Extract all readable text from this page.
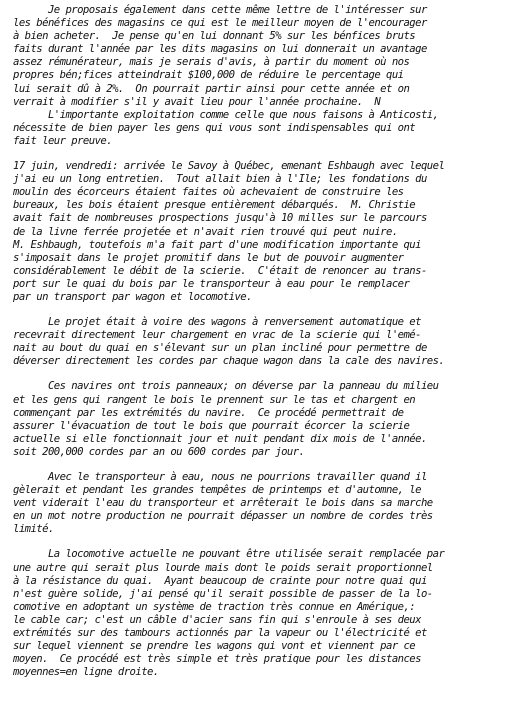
Je proposais également dans cette même lettre de l'intéresser sur

les bénéfices des magasins ce qui est le meilleur moyen de l'encourager

à bien acheter.  Je pense qu'en lui donnant 5% sur les bénfices bruts

faits durant l'année par les dits magasins on lui donnerait un avantage

assez rémunérateur, mais je serais d'avis, à partir du moment où nos

propres bén;fices atteindrait $100,000 de réduire le percentage qui

lui serait dû à 2%.  On pourrait partir ainsi pour cette année et on

verrait à modifier s'il y avait lieu pour l'année prochaine.  N

L'importante exploitation comme celle que nous faisons à Anticosti,

nécessite de bien payer les gens qui vous sont indispensables qui ont

fait leur preuve.

17 juin, vendredi: arrivée le Savoy à Québec, emenant Eshbaugh avec lequel

j'ai eu un long entretien.  Tout allait bien à l'Ile; les fondations du

moulin des écorceurs étaient faites où achevaient de construire les

bureaux, les bois étaient presque entièrement débarqués.  M. Christie

avait fait de nombreuses prospections jusqu'à 10 milles sur le parcours

de la livne ferrée projetée et n'avait rien trouvé qui peut nuire.

M. Eshbaugh, toutefois m'a fait part d'une modification importante qui

s'imposait dans le projet promitif dans le but de pouvoir augmenter

considérablement le débit de la scierie.  C'était de renoncer au trans-

port sur le quai du bois par le transporteur à eau pour le remplacer

par un transport par wagon et locomotive.

Le projet était à voire des wagons à renversement automatique et

recevrait directement leur chargement en vrac de la scierie qui l'emé-

nait au bout du quai en s'élevant sur un plan incliné pour permettre de

déverser directement les cordes par chaque wagon dans la cale des navires.

Ces navires ont trois panneaux; on déverse par la panneau du milieu

et les gens qui rangent le bois le prennent sur le tas et chargent en

commençant par les extrémités du navire.  Ce procédé permettrait de

assurer l'évacuation de tout le bois que pourrait écorcer la scierie

actuelle si elle fonctionnait jour et nuit pendant dix mois de l'année.

soit 200,000 cordes par an ou 600 cordes par jour.

Avec le transporteur à eau, nous ne pourrions travailler quand il

gèlerait et pendant les grandes tempêtes de printemps et d'automne, le

vent viderait l'eau du transporteur et arrêterait le bois dans sa marche

en un mot notre production ne pourrait dépasser un nombre de cordes très

limité.

La locomotive actuelle ne pouvant être utilisée serait remplacée par

une autre qui serait plus lourde mais dont le poids serait proportionnel

à la résistance du quai.  Ayant beaucoup de crainte pour notre quai qui

n'est guère solide, j'ai pensé qu'il serait possible de passer de la lo-

comotive en adoptant un système de traction très connue en Amérique,:

le cable car; c'est un câble d'acier sans fin qui s'enroule à ses deux

extrémités sur des tambours actionnés par la vapeur ou l'électricité et

sur lequel viennent se prendre les wagons qui vont et viennent par ce

moyen.  Ce procédé est très simple et très pratique pour les distances

moyennes=en ligne droite.
